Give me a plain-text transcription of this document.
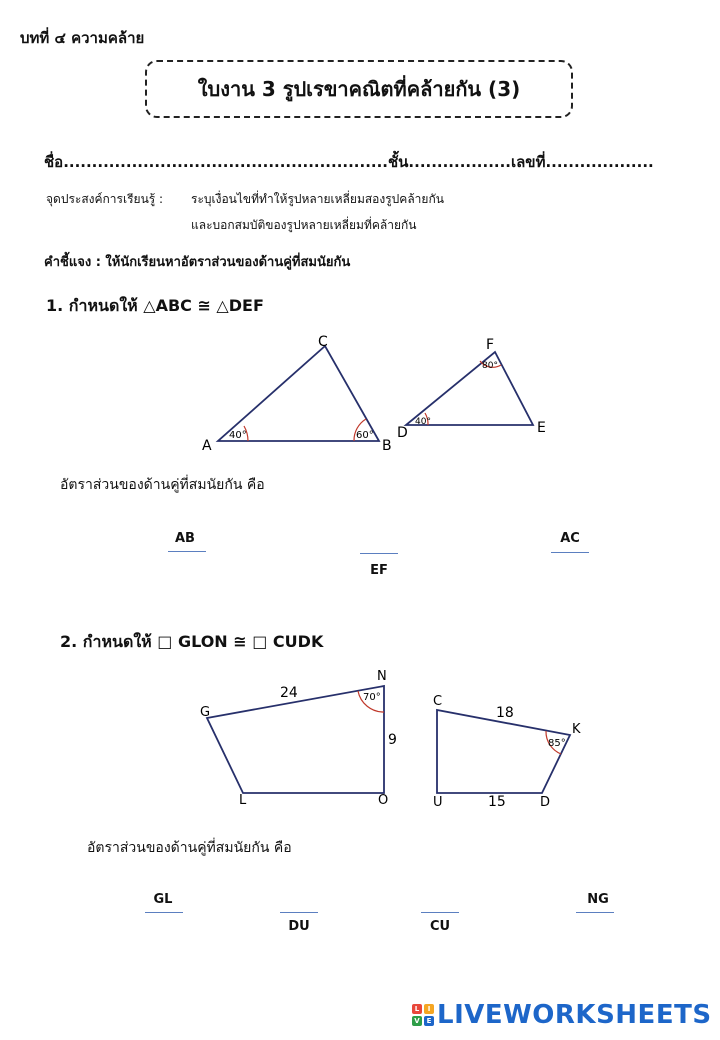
บทที่ ๔ ความคล้าย
ใบงาน 3 รูปเรขาคณิตที่คล้ายกัน (3)
ชื่อ.........................................................ชั้น..................เลขที่...................
จุดประสงค์การเรียนรู้ : ระบุเงื่อนไขที่ทำให้รูปหลายเหลี่ยมสองรูปคล้ายกัน
และบอกสมบัติของรูปหลายเหลี่ยมที่คล้ายกัน
คำชี้แจง : ให้นักเรียนหาอัตราส่วนของด้านคู่ที่สมนัยกัน
1. กำหนดให้ △ABC ≅ △DEF
40°	60°
A	B
C
40°
80°
D	E
F
อัตราส่วนของด้านคู่ที่สมนัยกัน คือ
AB
EF
AC
2. กำหนดให้ □ GLON ≅ □ CUDK
70°
24
9
G
L	O
N
85°
18
15
C
U	D
K
อัตราส่วนของด้านคู่ที่สมนัยกัน คือ
GL
DU	CU
NG
L	I
V E LIVEWORKSHEETS
